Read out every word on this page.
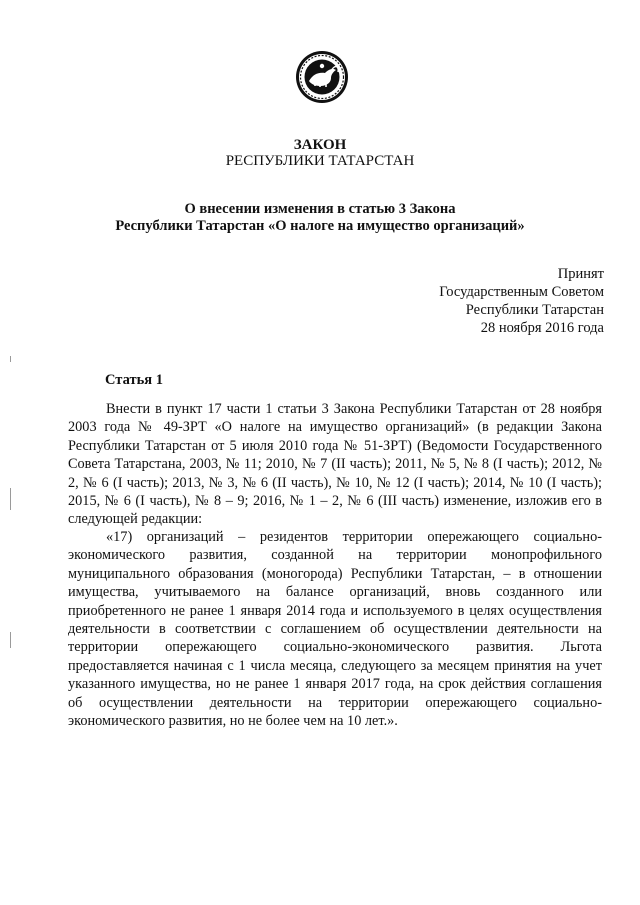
ЗАКОН
РЕСПУБЛИКИ ТАТАРСТАН
О внесении изменения в статью 3 Закона
Республики Татарстан «О налоге на имущество организаций»
Принят
Государственным Советом
Республики Татарстан
28 ноября 2016 года
Статья 1

Внести в пункт 17 части 1 статьи 3 Закона Республики Татарстан от 28 ноября 2003 года № 49-ЗРТ «О налоге на имущество организаций» (в редакции Закона Республики Татарстан от 5 июля 2010 года № 51-ЗРТ) (Ведомости Государственного Совета Татарстана, 2003, № 11; 2010, № 7 (II часть); 2011, № 5, № 8 (I часть); 2012, № 2, № 6 (I часть); 2013, № 3, № 6 (II часть), № 10, № 12 (I часть); 2014, № 10 (I часть); 2015, № 6 (I часть), № 8 – 9; 2016, № 1 – 2, № 6 (III часть) изменение, изложив его в следующей редакции:

«17) организаций – резидентов территории опережающего социально-экономического развития, созданной на территории монопрофильного муниципального образования (моногорода) Республики Татарстан, – в отношении имущества, учитываемого на балансе организаций, вновь созданного или приобретенного не ранее 1 января 2014 года и используемого в целях осуществления деятельности в соответствии с соглашением об осуществлении деятельности на территории опережающего социально-экономического развития. Льгота предоставляется начиная с 1 числа месяца, следующего за месяцем принятия на учет указанного имущества, но не ранее 1 января 2017 года, на срок действия соглашения об осуществлении деятельности на территории опережающего социально-экономического развития, но не более чем на 10 лет.».
